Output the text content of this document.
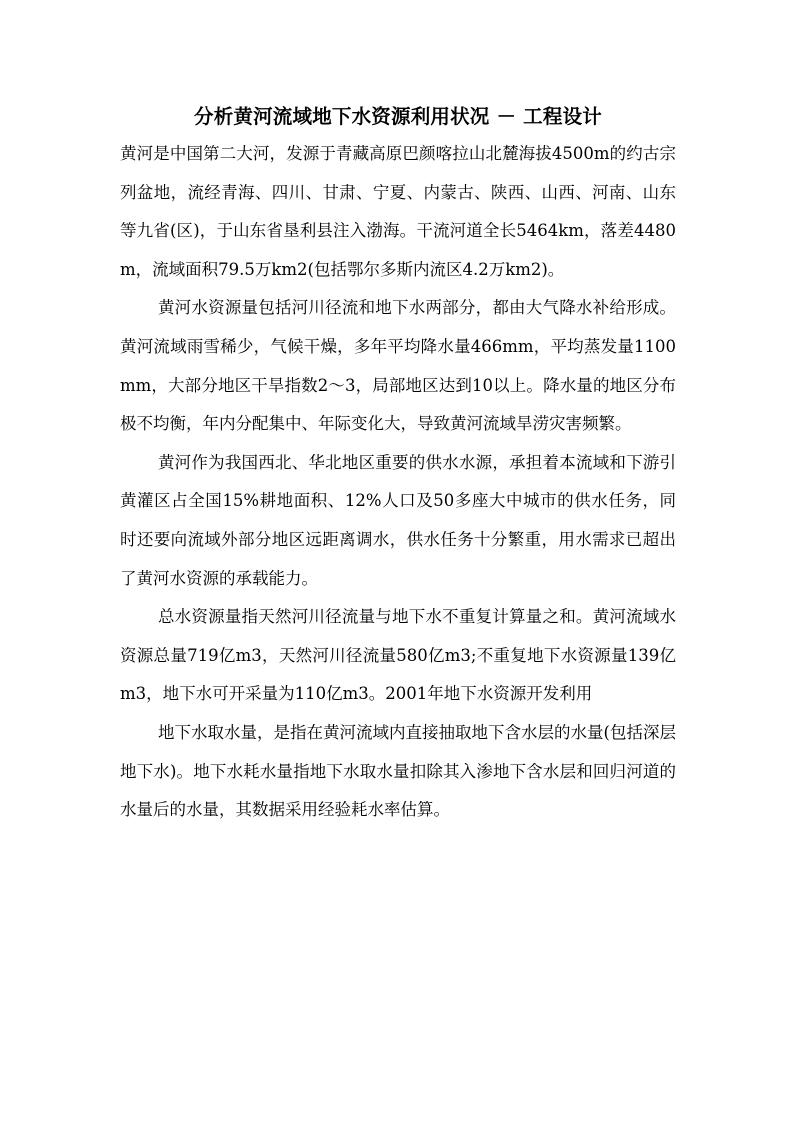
分析黄河流域地下水资源利用状况 － 工程设计

黄河是中国第二大河，发源于青藏高原巴颜喀拉山北麓海拔4500m的约古宗列盆地，流经青海、四川、甘肃、宁夏、内蒙古、陕西、山西、河南、山东等九省(区)，于山东省垦利县注入渤海。干流河道全长5464km，落差4480m，流域面积79.5万km2(包括鄂尔多斯内流区4.2万km2)。

黄河水资源量包括河川径流和地下水两部分，都由大气降水补给形成。黄河流域雨雪稀少，气候干燥，多年平均降水量466mm，平均蒸发量1100mm，大部分地区干旱指数2～3，局部地区达到10以上。降水量的地区分布极不均衡，年内分配集中、年际变化大，导致黄河流域旱涝灾害频繁。

黄河作为我国西北、华北地区重要的供水水源，承担着本流域和下游引黄灌区占全国15%耕地面积、12%人口及50多座大中城市的供水任务，同时还要向流域外部分地区远距离调水，供水任务十分繁重，用水需求已超出了黄河水资源的承载能力。

总水资源量指天然河川径流量与地下水不重复计算量之和。黄河流域水资源总量719亿m3，天然河川径流量580亿m3;不重复地下水资源量139亿m3，地下水可开采量为110亿m3。2001年地下水资源开发利用

地下水取水量，是指在黄河流域内直接抽取地下含水层的水量(包括深层地下水)。地下水耗水量指地下水取水量扣除其入渗地下含水层和回归河道的水量后的水量，其数据采用经验耗水率估算。
